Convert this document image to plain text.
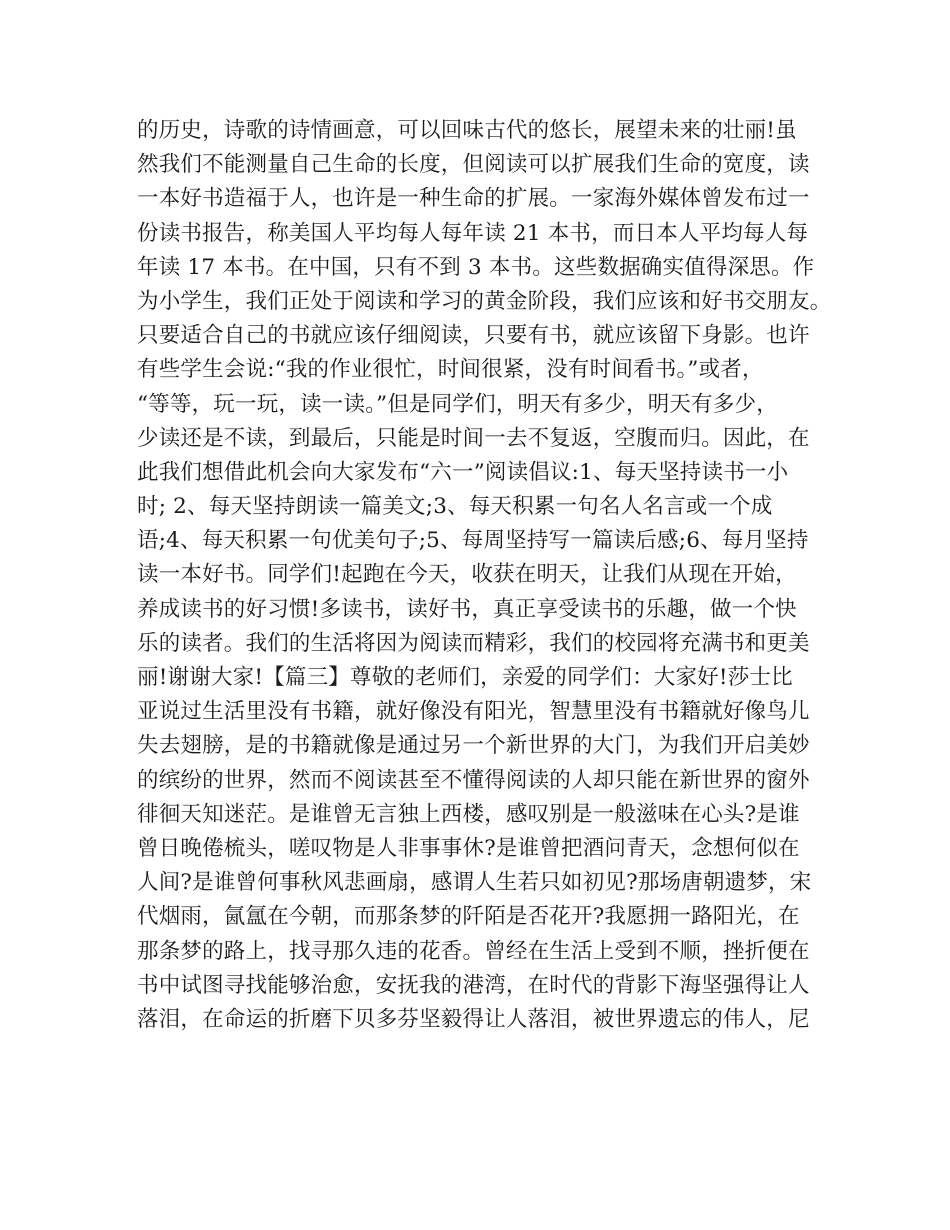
的历史，诗歌的诗情画意，可以回味古代的悠长，展望未来的壮丽!虽
然我们不能测量自己生命的长度，但阅读可以扩展我们生命的宽度，读
一本好书造福于人，也许是一种生命的扩展。一家海外媒体曾发布过一
份读书报告，称美国人平均每人每年读 21 本书，而日本人平均每人每
年读 17 本书。在中国，只有不到 3 本书。这些数据确实值得深思。作
为小学生，我们正处于阅读和学习的黄金阶段，我们应该和好书交朋友。
只要适合自己的书就应该仔细阅读，只要有书，就应该留下身影。也许
有些学生会说:“我的作业很忙，时间很紧，没有时间看书。”或者，
“等等，玩一玩，读一读。”但是同学们，明天有多少，明天有多少，
少读还是不读，到最后，只能是时间一去不复返，空腹而归。因此，在
此我们想借此机会向大家发布“六一”阅读倡议:1、每天坚持读书一小
时; 2、每天坚持朗读一篇美文;3、每天积累一句名人名言或一个成
语;4、每天积累一句优美句子;5、每周坚持写一篇读后感;6、每月坚持
读一本好书。同学们!起跑在今天，收获在明天，让我们从现在开始，
养成读书的好习惯!多读书，读好书，真正享受读书的乐趣，做一个快
乐的读者。我们的生活将因为阅读而精彩，我们的校园将充满书和更美
丽!谢谢大家!【篇三】尊敬的老师们，亲爱的同学们：大家好!莎士比
亚说过生活里没有书籍，就好像没有阳光，智慧里没有书籍就好像鸟儿
失去翅膀，是的书籍就像是通过另一个新世界的大门，为我们开启美妙
的缤纷的世界，然而不阅读甚至不懂得阅读的人却只能在新世界的窗外
徘徊天知迷茫。是谁曾无言独上西楼，感叹别是一般滋味在心头?是谁
曾日晚倦梳头，嗟叹物是人非事事休?是谁曾把酒问青天，念想何似在
人间?是谁曾何事秋风悲画扇，感谓人生若只如初见?那场唐朝遗梦，宋
代烟雨，氤氲在今朝，而那条梦的阡陌是否花开?我愿拥一路阳光，在
那条梦的路上，找寻那久违的花香。曾经在生活上受到不顺，挫折便在
书中试图寻找能够治愈，安抚我的港湾，在时代的背影下海坚强得让人
落泪，在命运的折磨下贝多芬坚毅得让人落泪，被世界遗忘的伟人，尼
